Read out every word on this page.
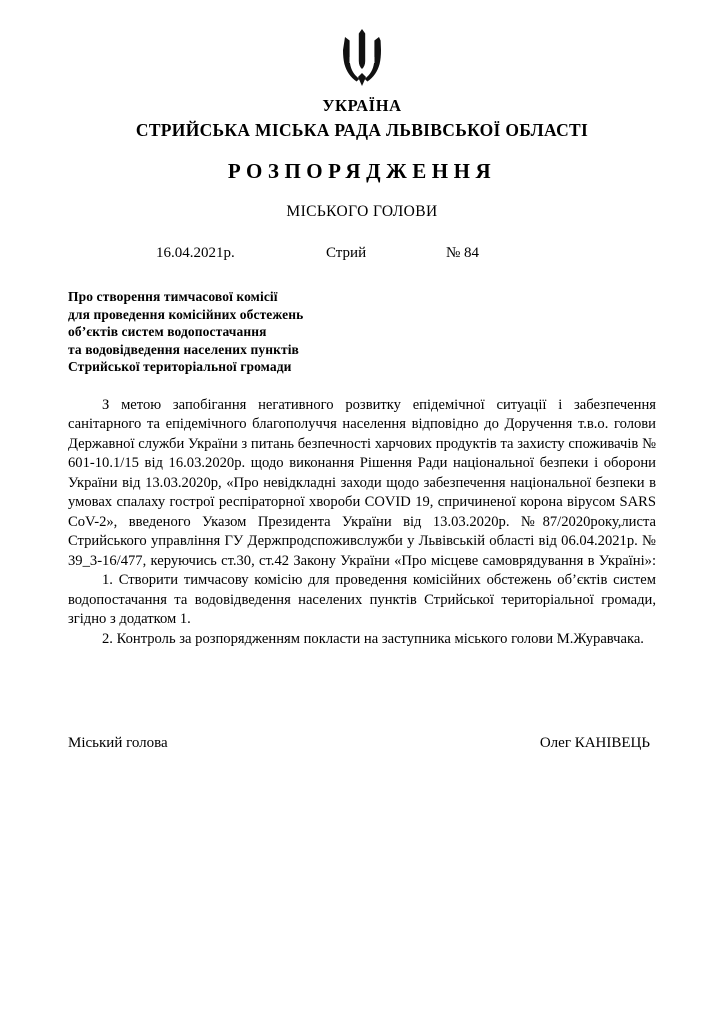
УКРАЇНА
СТРИЙСЬКА МІСЬКА РАДА ЛЬВІВСЬКОЇ ОБЛАСТІ
РОЗПОРЯДЖЕННЯ
МІСЬКОГО ГОЛОВИ
16.04.2021р.	Стрий	№ 84
Про створення тимчасової комісії
для проведення комісійних обстежень
об’єктів систем водопостачання
та водовідведення населених пунктів
Стрийської територіальної громади

З метою запобігання негативного розвитку епідемічної ситуації і забезпечення санітарного та епідемічного благополуччя населення відповідно до Доручення т.в.о. голови Державної служби України з питань безпечності харчових продуктів та захисту споживачів № 601-10.1/15 від 16.03.2020р. щодо виконання Рішення Ради національної безпеки і оборони України від 13.03.2020р, «Про невідкладні заходи щодо забезпечення національної безпеки в умовах спалаху гострої респіраторної хвороби COVID 19, спричиненої корона вірусом SARS CoV-2», введеного Указом Президента України від 13.03.2020р. №87/2020року,листа Стрийського управління ГУ Держпродспоживслужби у Львівській області від 06.04.2021р. № 39_3-16/477, керуючись ст.30, ст.42 Закону України «Про місцеве самоврядування в Україні»:

1. Створити тимчасову комісію для проведення комісійних обстежень об’єктів систем водопостачання та водовідведення населених пунктів Стрийської територіальної громади, згідно з додатком 1.

2. Контроль за розпорядженням покласти на заступника міського голови М.Журавчака.

Міський голова	Олег КАНІВЕЦЬ
